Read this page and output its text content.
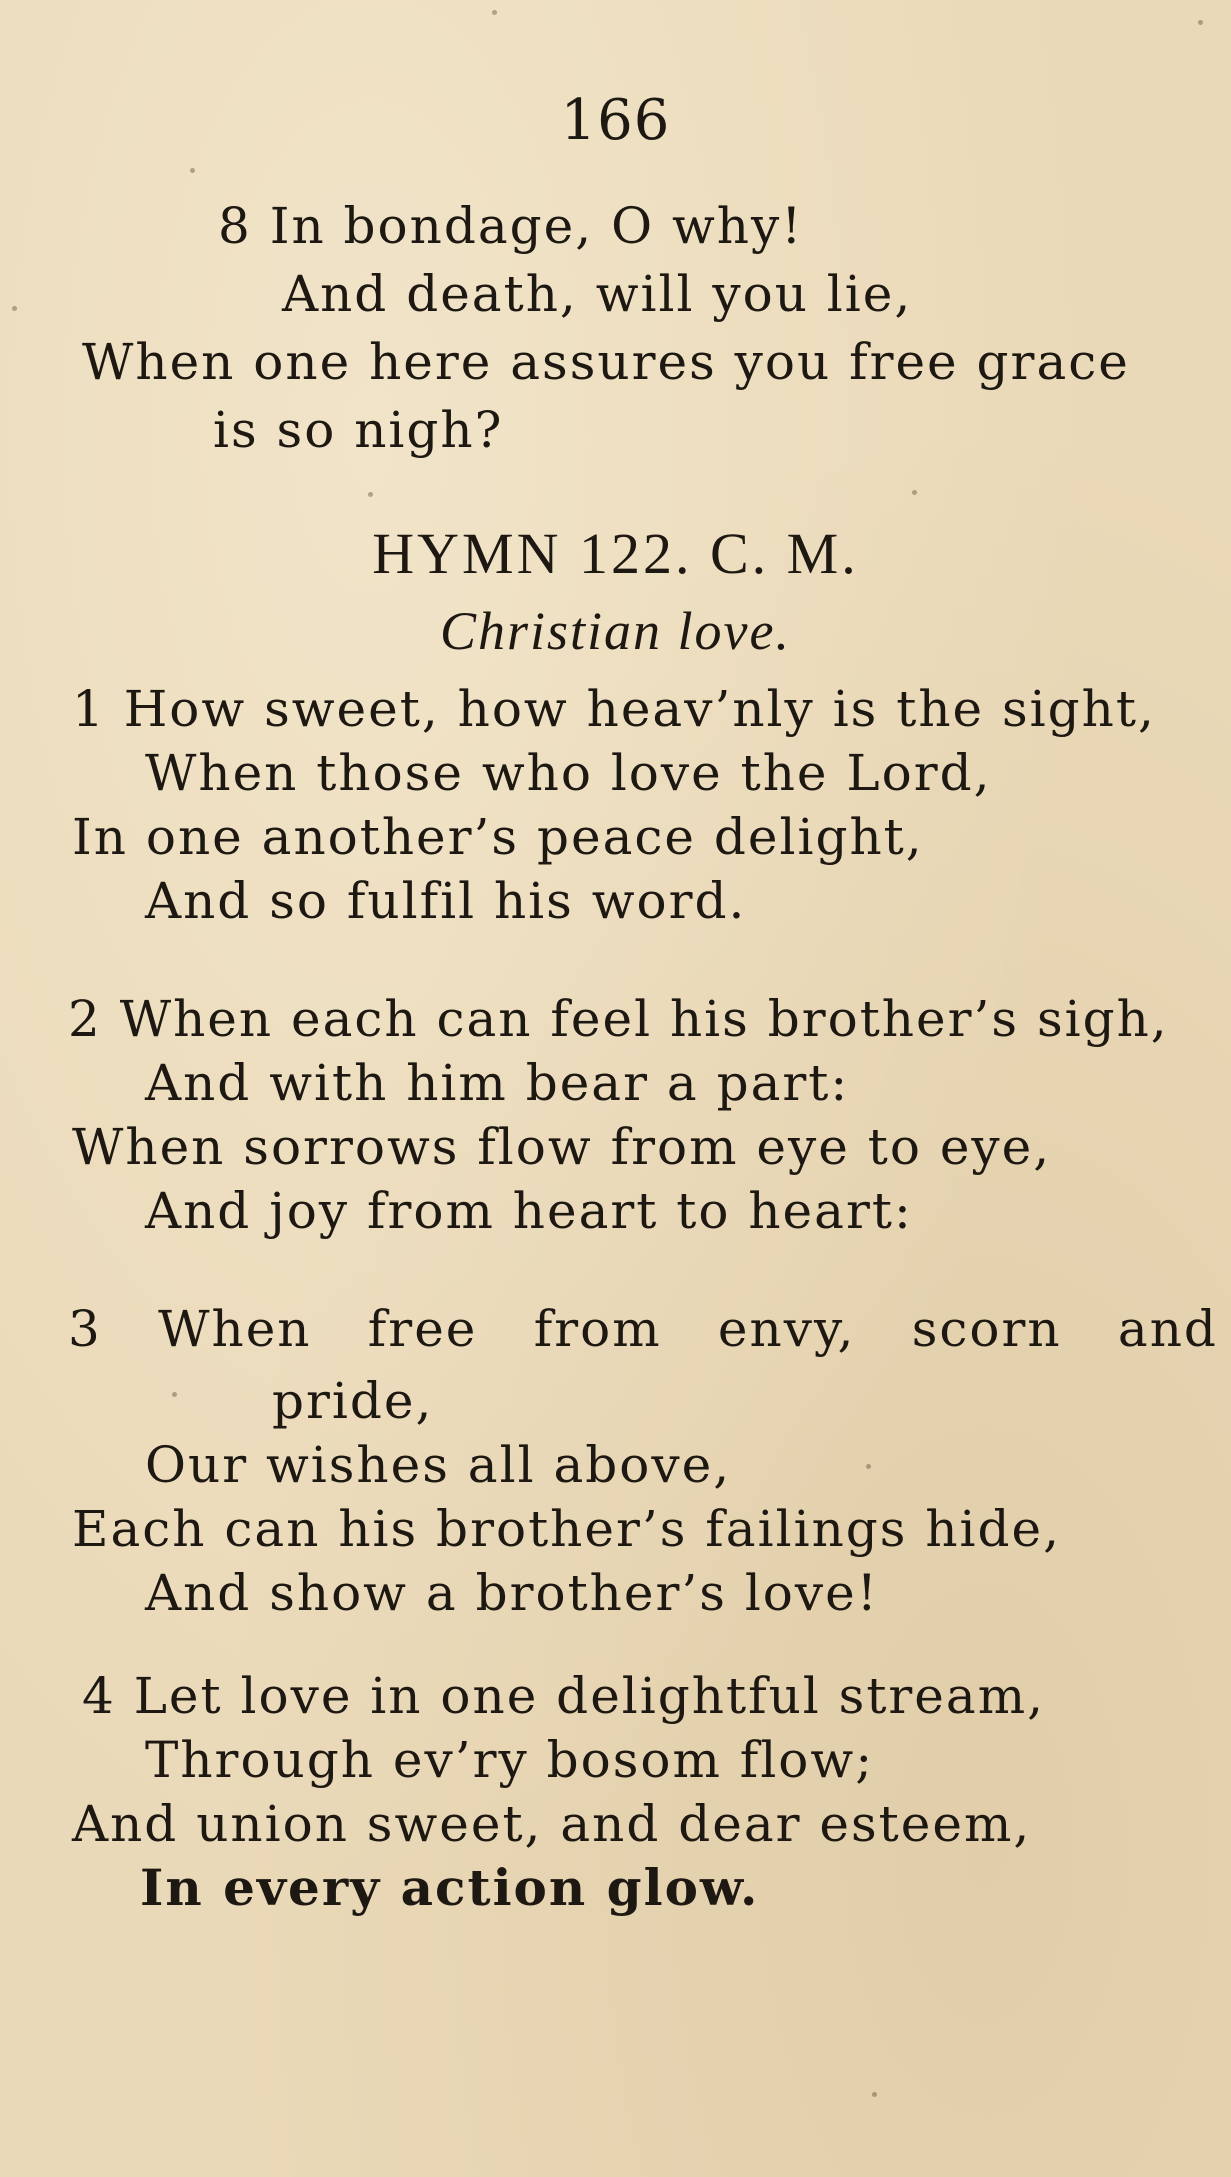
166
8 In bondage, O why!
And death, will you lie,
When one here assures you free grace
is so nigh?
HYMN 122. C. M.
Christian love.
1 How sweet, how heav’nly is the sight,
When those who love the Lord,
In one another’s peace delight,
And so fulfil his word.
2 When each can feel his brother’s sigh,
And with him bear a part:
When sorrows flow from eye to eye,
And joy from heart to heart:
3 When free from envy, scorn and
pride,
Our wishes all above,
Each can his brother’s failings hide,
And show a brother’s love!
4 Let love in one delightful stream,
Through ev’ry bosom flow;
And union sweet, and dear esteem,
In every action glow.
